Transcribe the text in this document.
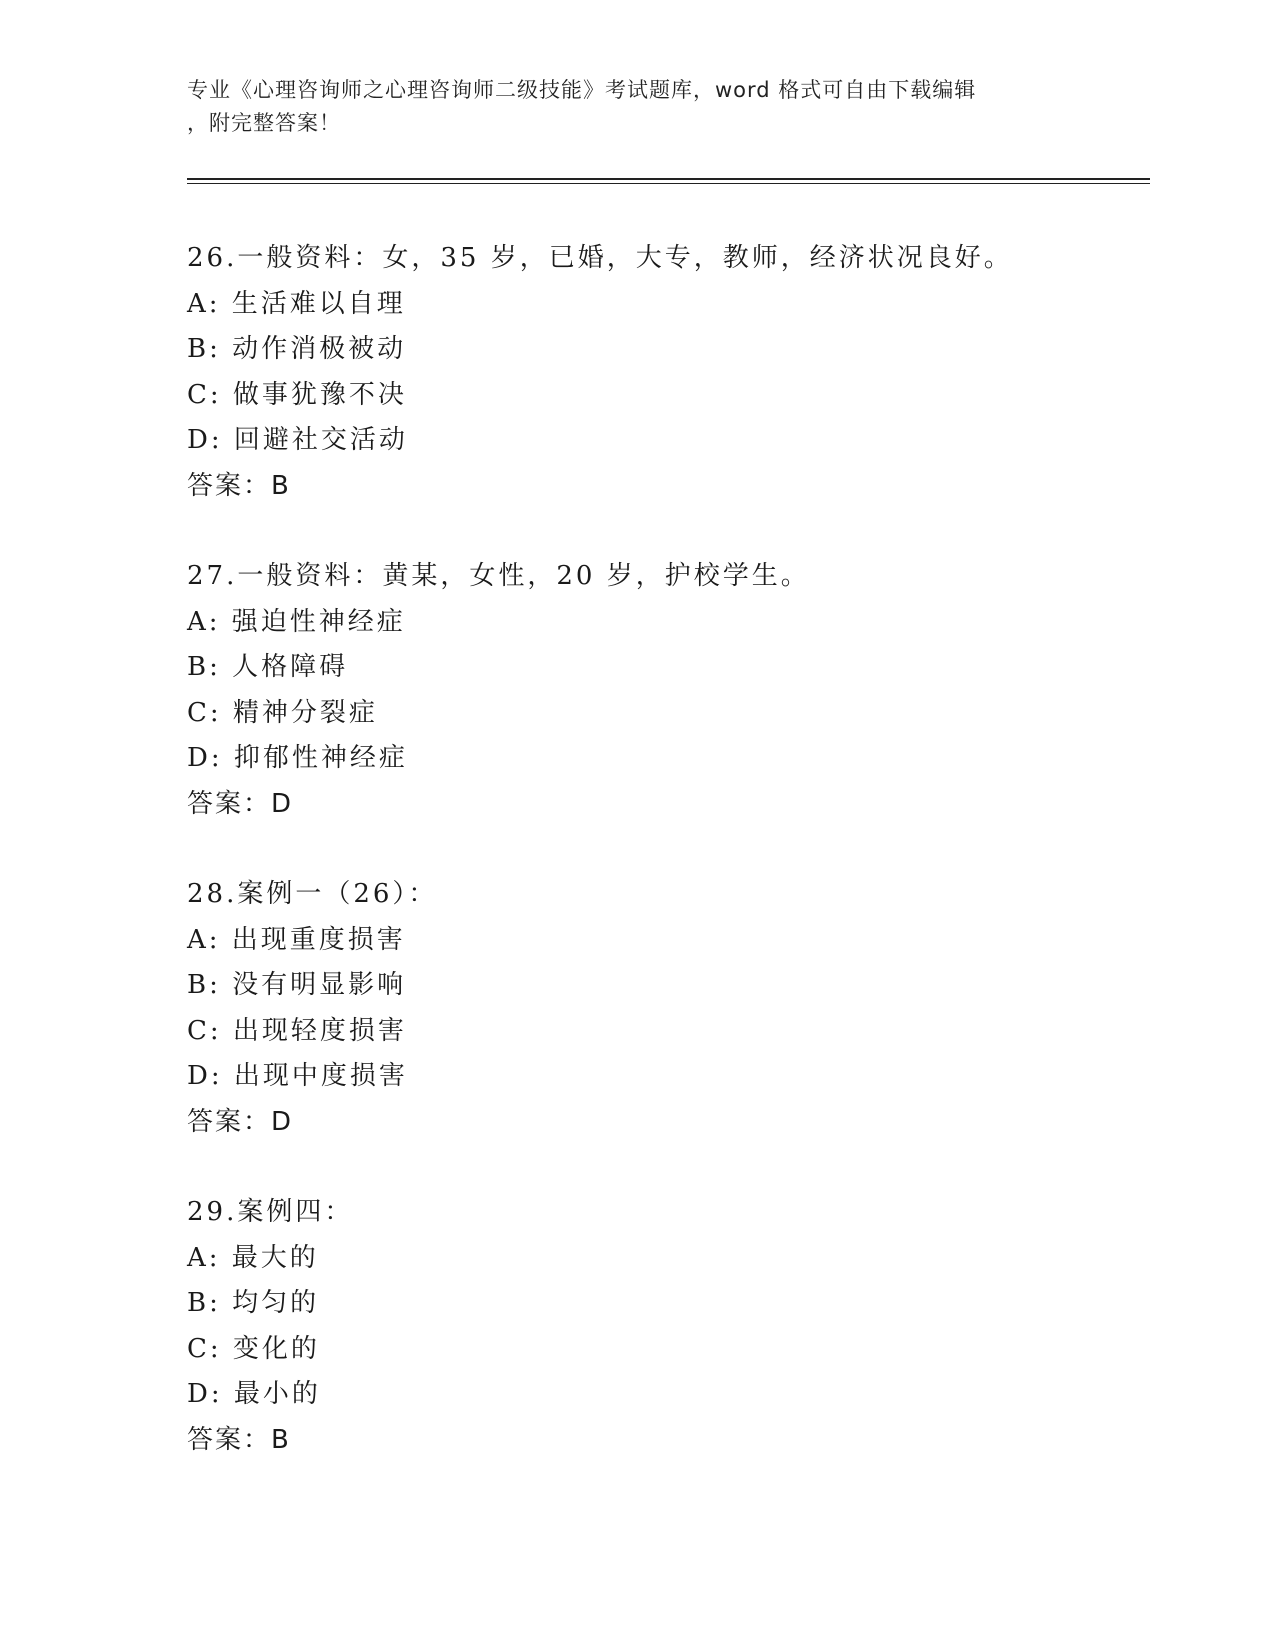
专业《心理咨询师之心理咨询师二级技能》考试题库，word 格式可自由下载编辑
，附完整答案！
26.一般资料：女，35 岁，已婚，大专，教师，经济状况良好。
A: 生活难以自理
B: 动作消极被动
C: 做事犹豫不决
D: 回避社交活动
答案：B
27.一般资料：黄某，女性，20 岁，护校学生。
A: 强迫性神经症
B: 人格障碍
C: 精神分裂症
D: 抑郁性神经症
答案：D
28.案例一（26）：
A: 出现重度损害
B: 没有明显影响
C: 出现轻度损害
D: 出现中度损害
答案：D
29.案例四：
A: 最大的
B: 均匀的
C: 变化的
D: 最小的
答案：B
